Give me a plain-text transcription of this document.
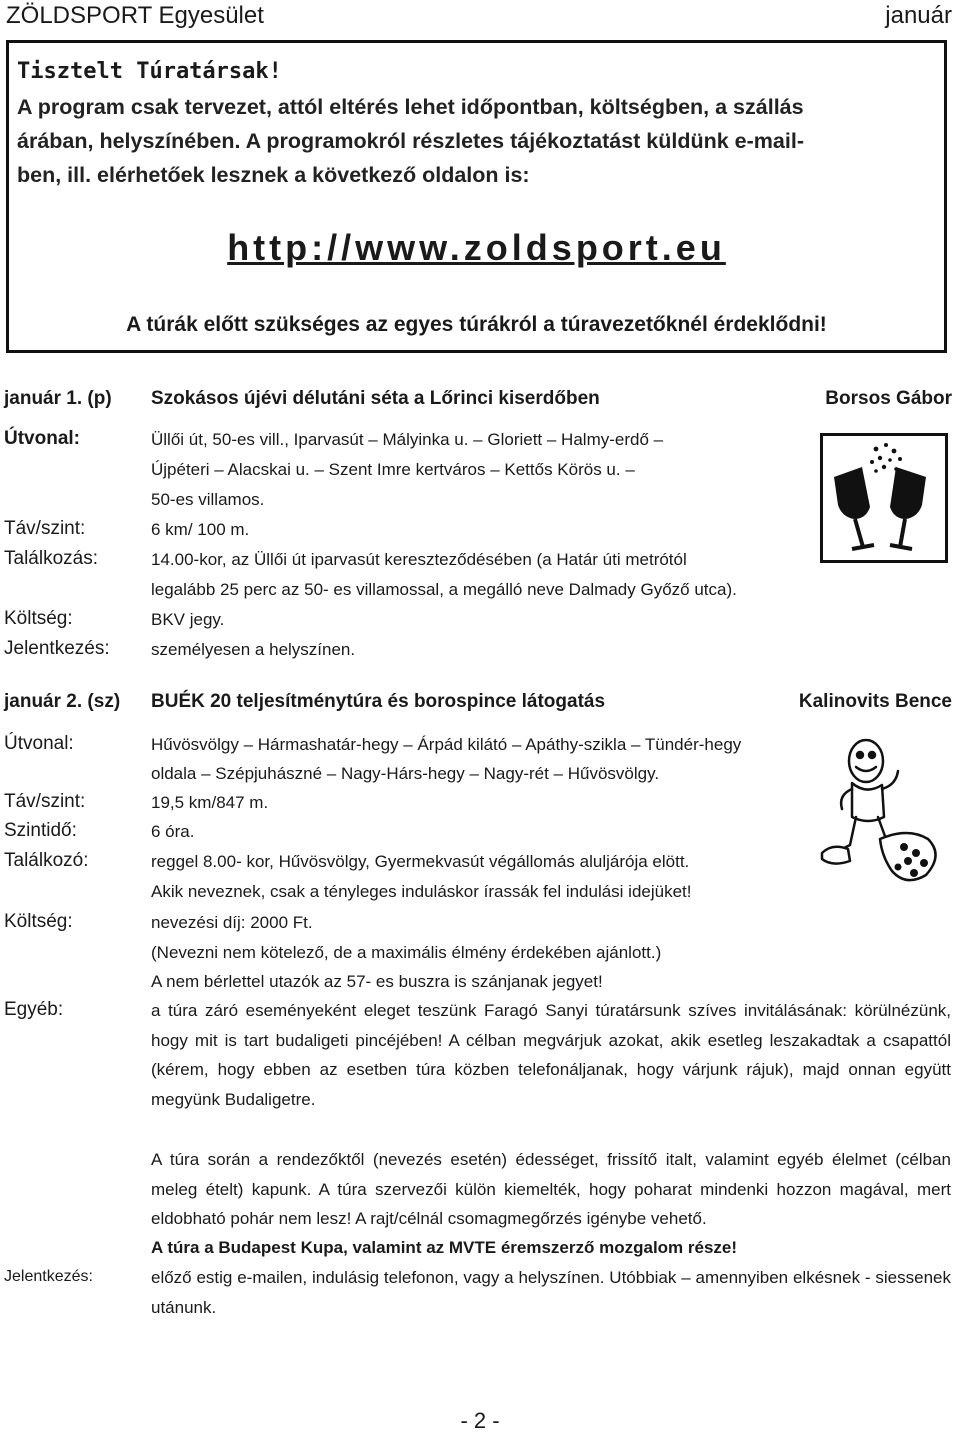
ZÖLDSPORT Egyesület	január
Tisztelt Túratársak!
A program csak tervezet, attól eltérés lehet időpontban, költségben, a szállás
árában, helyszínében. A programokról részletes tájékoztatást küldünk e-mail-
ben, ill. elérhetőek lesznek a következő oldalon is:
http://www.zoldsport.eu
A túrák előtt szükséges az egyes túrákról a túravezetőknél érdeklődni!
január 1. (p) Szokásos újévi délutáni séta a Lőrinci kiserdőben	Borsos Gábor
Útvonal:	Üllői út, 50-es vill., Iparvasút – Mályinka u. – Gloriett – Halmy-erdő –
Újpéteri – Alacskai u. – Szent Imre kertváros – Kettős Körös u. –
50-es villamos.
Táv/szint:	6 km/ 100 m.
Találkozás:	14.00-kor, az Üllői út iparvasút kereszteződésében (a Határ úti metrótól
legalább 25 perc az 50- es villamossal, a megálló neve Dalmady Győző utca).
Költség:	BKV jegy.
Jelentkezés: személyesen a helyszínen.
január 2. (sz) BUÉK 20 teljesítménytúra és borospince látogatás	Kalinovits Bence
Útvonal:	Hűvösvölgy – Hármashatár-hegy – Árpád kilátó – Apáthy-szikla – Tündér-hegy
oldala – Szépjuhászné – Nagy-Hárs-hegy – Nagy-rét – Hűvösvölgy.
Táv/szint:	19,5 km/847 m.
Szintidő:	6 óra.
Találkozó:	reggel 8.00- kor, Hűvösvölgy, Gyermekvasút végállomás aluljárója elött.
Akik neveznek, csak a tényleges induláskor írassák fel indulási idejüket!
Költség:	nevezési díj: 2000 Ft.
(Nevezni nem kötelező, de a maximális élmény érdekében ajánlott.)
A nem bérlettel utazók az 57- es buszra is szánjanak jegyet!
Egyéb:	a túra záró eseményeként eleget teszünk Faragó Sanyi túratársunk szíves invitálásának: körülnézünk, hogy mit is tart budaligeti pincéjében! A célban megvárjuk azokat, akik esetleg leszakadtak a csapattól (kérem, hogy ebben az esetben túra közben telefonáljanak, hogy várjunk rájuk), majd onnan együtt megyünk Budaligetre.
A túra során a rendezőktől (nevezés esetén) édességet, frissítő italt, valamint egyéb élelmet (célban meleg ételt) kapunk. A túra szervezői külön kiemelték, hogy poharat mindenki hozzon magával, mert eldobható pohár nem lesz! A rajt/célnál csomagmegőrzés igénybe vehető.
A túra a Budapest Kupa, valamint az MVTE éremszerző mozgalom része!
Jelentkezés:	előző estig e-mailen, indulásig telefonon, vagy a helyszínen. Utóbbiak – amennyiben elkésnek - siessenek utánunk.
- 2 -
